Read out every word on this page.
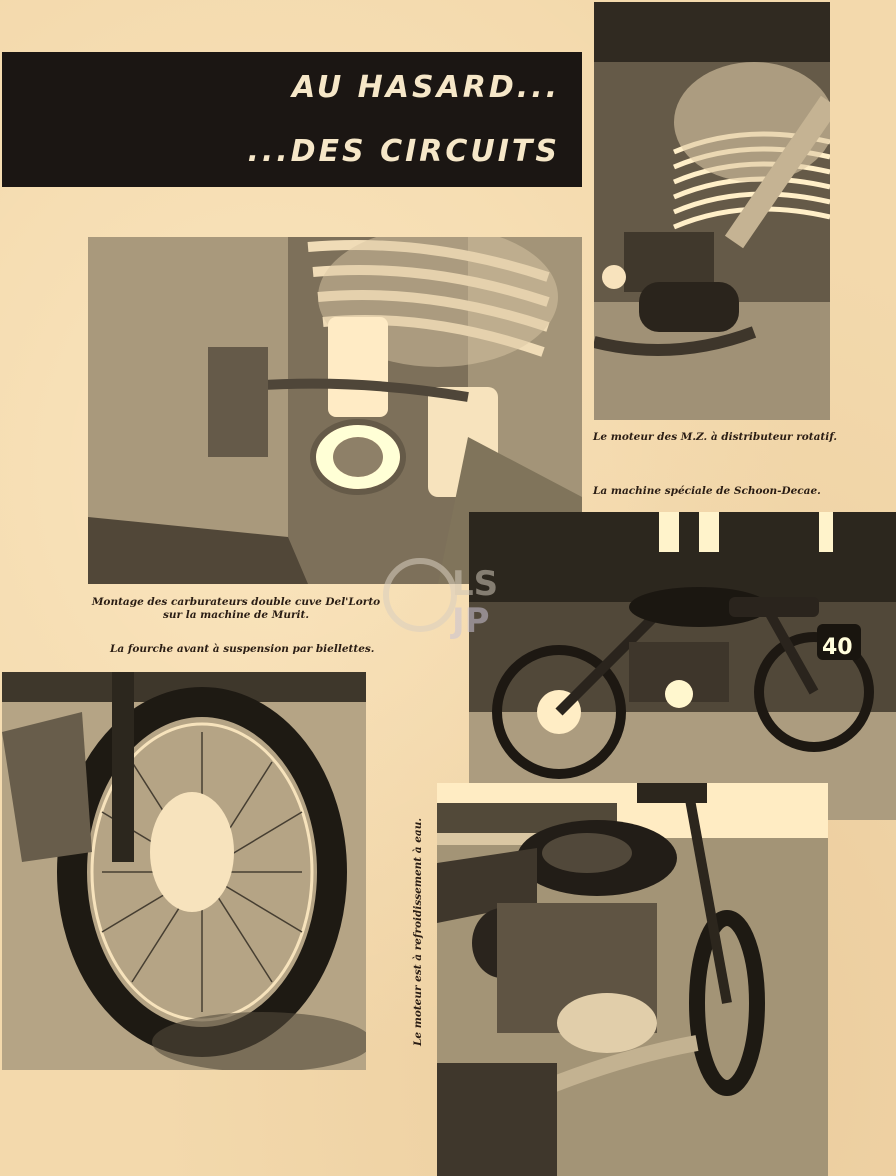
AU HASARD...
...DES CIRCUITS
Le moteur des M.Z. à distributeur rotatif.
La machine spéciale de Schoon-Decae.
Montage des carburateurs double cuve Del'Lorto sur la machine de Murit.
La fourche avant à suspension par biellettes.
Le moteur est à refroidissement à eau.
40
LS
JP
